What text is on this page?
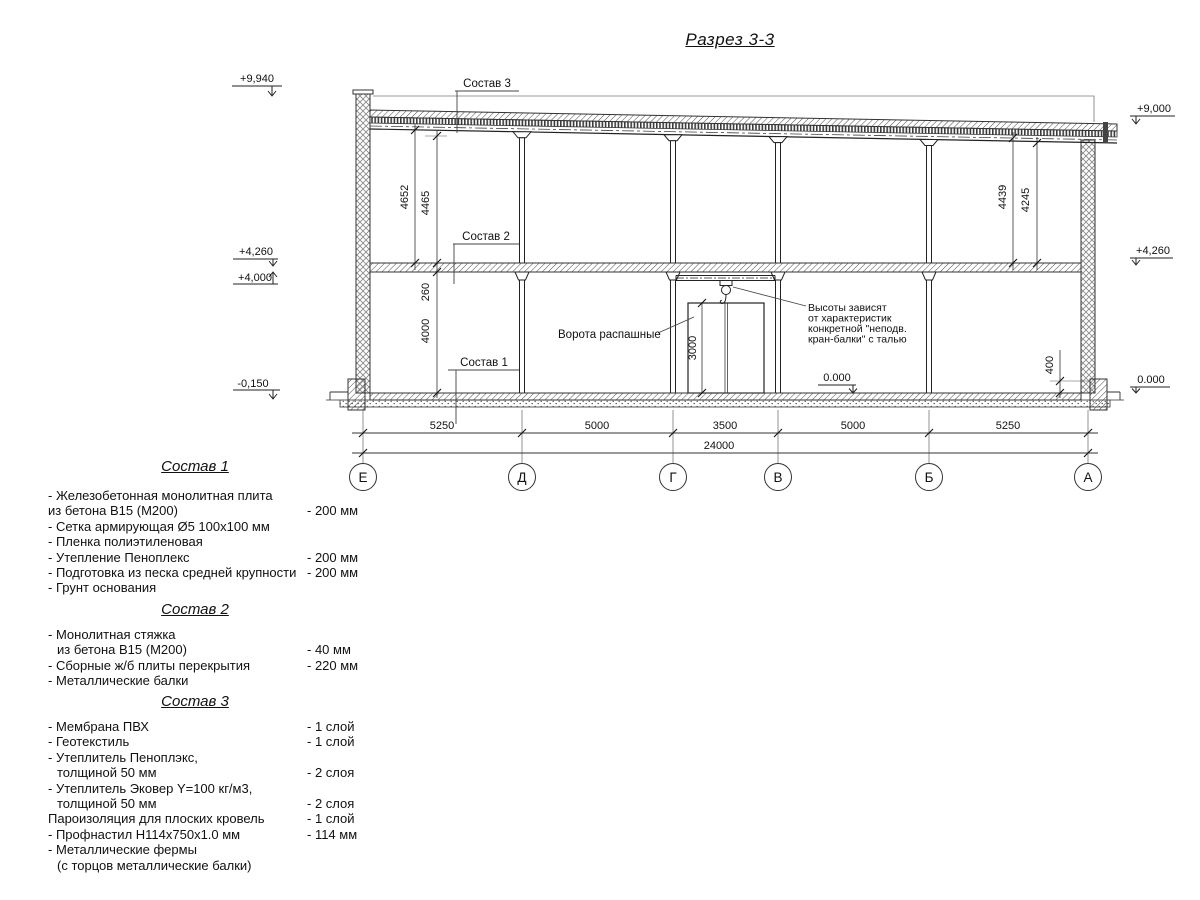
Разрез 3-3
5250	5000	3500	5000	5250
24000
Е	Д	Г	В	Б	А
4652 4465
260
4000
4439 4245
400
3000
+9,940
+4,260
+4,000
-0,150
+9,000
+4,260
0.000
0.000
Состав 3
Состав 2
Состав 1
Ворота распашные
Высоты зависят
от характеристик
конкретной "неподв.
кран-балки" с талью
Состав 1
- Железобетонная монолитная плита
из бетона В15 (М200)	- 200 мм
- Сетка армирующая Ø5 100х100 мм
- Пленка полиэтиленовая
- Утепление Пеноплекс	- 200 мм
- Подготовка из песка средней крупности - 200 мм
- Грунт основания
Состав 2
- Монолитная стяжка
из бетона В15 (М200)	- 40 мм
- Сборные ж/б плиты перекрытия	- 220 мм
- Металлические балки
Состав 3
- Мембрана ПВХ	- 1 слой
- Геотекстиль	- 1 слой
- Утеплитель Пеноплэкс,
толщиной 50 мм	- 2 слоя
- Утеплитель Эковер Y=100 кг/м3,
толщиной 50 мм	- 2 слоя
Пароизоляция для плоских кровель	- 1 слой
- Профнастил Н114х750х1.0 мм	- 114 мм
- Металлические фермы
(с торцов металлические балки)
